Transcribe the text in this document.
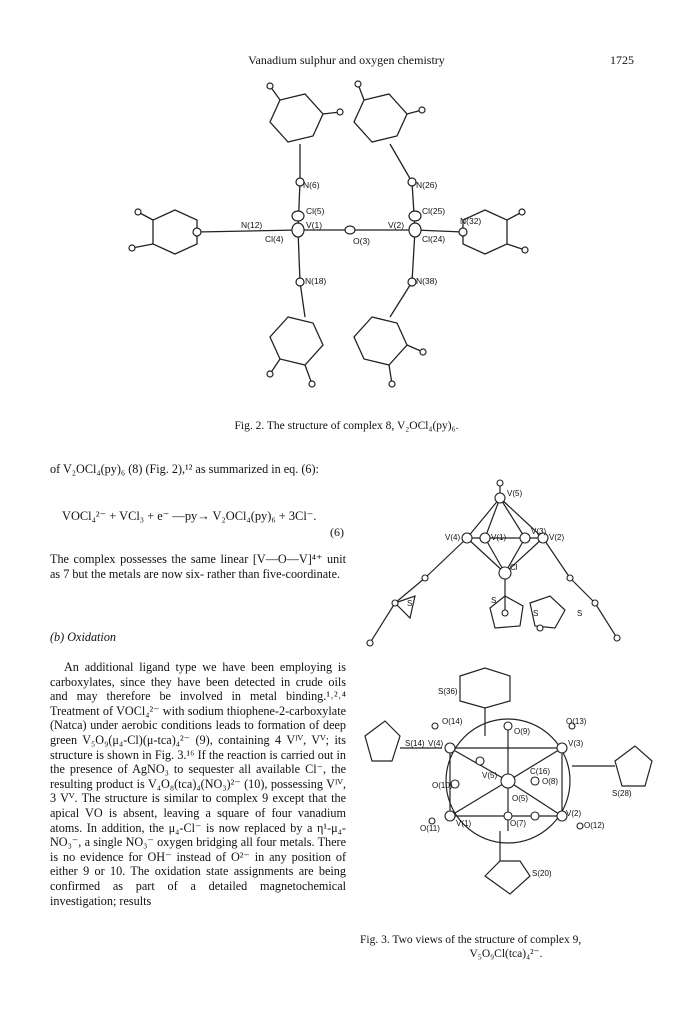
Vanadium sulphur and oxygen chemistry	1725
N(6)	N(26)
Cl(5)	Cl(25)
N(12)	V(1)	V(2)	N(32)
Cl(4)	O(3)	Cl(24)
N(18)	N(38)
Fig. 2. The structure of complex 8, V₂OCl₄(py)₆.
of V₂OCl₄(py)₆ (8) (Fig. 2),¹² as summarized in eq. (6):
VOCl₄²⁻ + VCl₃ + e⁻ —py→ V₂OCl₄(py)₆ + 3Cl⁻.
(6)
The complex possesses the same linear [V—O—V]⁴⁺ unit as 7 but the metals are now six- rather than five-coordinate.
(b) Oxidation
An additional ligand type we have been employing is carboxylates, since they have been detected in crude oils and may therefore be involved in metal binding.¹˒²˒⁴ Treatment of VOCl₄²⁻ with sodium thiophene-2-carboxylate (Natca) under aerobic conditions leads to formation of deep green V₅O₉(μ₄-Cl)(μ-tca)₄²⁻ (9), containing 4 Vᴵⱽ, Vⱽ; its structure is shown in Fig. 3.¹⁶ If the reaction is carried out in the presence of AgNO₃ to sequester all available Cl⁻, the resulting product is V₄O₈(tca)₄(NO₃)²⁻ (10), possessing Vᴵⱽ, 3 Vⱽ. The structure is similar to complex 9 except that the apical VO is absent, leaving a square of four vanadium atoms. In addition, the μ₄-Cl⁻ is now replaced by a η¹-μ₄-NO₃⁻, a single NO₃⁻ oxygen bridging all four metals. There is no evidence for OH⁻ instead of O²⁻ in any position of either 9 or 10. The oxidation state assignments are being confirmed as part of a detailed magnetochemical investigation; results
V(5)
V(4)	V(1)
V(3)
V(2)
Cl
S	S
S	S
S(36)
O(14)	O(13)
O(9)
S(14) V(4)	V(3)
C(16)
V(5)
O(8)
O(10)
O(5)
V(1)	O(7)
V(2)
S(28)
O(11)	O(12)
S(20)
Fig. 3. Two views of the structure of complex 9,
V₅O₉Cl(tca)₄²⁻.
